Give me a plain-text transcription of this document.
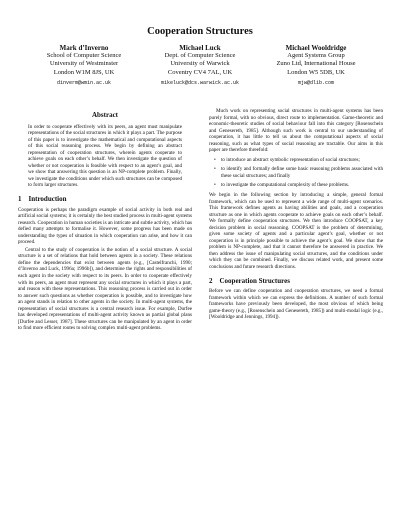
Cooperation Structures
Mark d’Inverno
School of Computer Science
University of Westminster
London W1M 8JS, UK
dinverm@wmin.ac.uk
Michael Luck
Dept. of Computer Science
University of Warwick
Coventry CV4 7AL, UK
mikeluck@dcs.warwick.ac.uk
Michael Wooldridge
Agent Systems Group
Zuno Ltd, International House
London W5 5DB, UK
mjw@dlib.com
Abstract

In order to cooperate effectively with its peers, an agent must manipulate representations of the social structures in which it plays a part. The purpose of this paper is to investigate the mathematical and computational aspects of this social reasoning process. We begin by defining an abstract representation of cooperation structures, wherein agents cooperate to achieve goals on each other’s behalf. We then investigate the question of whether or not cooperation is feasible with respect to an agent’s goal, and we show that answering this question is an NP-complete problem. Finally, we investigate the conditions under which such structures can be composed to form larger structures.

1 Introduction

Cooperation is perhaps the paradigm example of social activity in both real and artificial social systems; it is certainly the best studied process in multi-agent systems research. Cooperation in human societies is an intricate and subtle activity, which has defied many attempts to formalise it. However, some progress has been made on understanding the types of situation in which cooperation can arise, and how it can proceed.

Central to the study of cooperation is the notion of a social structure. A social structure is a set of relations that hold between agents in a society. These relations define the dependencies that exist between agents (e.g., [Castelfranchi, 1990; d’Inverno and Luck, 1996a; 1996b]), and determine the rights and responsibilities of each agent in the society with respect to its peers. In order to cooperate effectively with its peers, an agent must represent any social structures in which it plays a part, and reason with these representations. This reasoning process is carried out in order to answer such questions as whether cooperation is possible, and to investigate how an agent stands in relation to other agents in the society. In multi-agent systems, the representation of social structures is a central research issue. For example, Durfee has developed representations of multi-agent activity known as partial global plans [Durfee and Lesser, 1987]. These structures can be manipulated by an agent in order to find more efficient routes to solving complex multi-agent problems.

Much work on representing social structures in multi-agent systems has been purely formal, with no obvious, direct route to implementation. Game-theoretic and economic-theoretic studies of social behaviour fall into this category [Rosenschein and Genesereth, 1985]. Although such work is central to our understanding of cooperation, it has little to tell us about the computational aspects of social reasoning, such as what types of social reasoning are tractable. Our aims in this paper are therefore threefold:

• to introduce an abstract symbolic representation of social structures;
• to identify and formally define some basic reasoning problems associated with these social structures; and finally
• to investigate the computational complexity of these problems.

We begin in the following section by introducing a simple, general formal framework, which can be used to represent a wide range of multi-agent scenarios. This framework defines agents as having abilities and goals, and a cooperation structure as one in which agents cooperate to achieve goals on each other’s behalf. We formally define cooperation structures. We then introduce COOPSAT, a key decision problem in social reasoning. COOPSAT is the problem of determining, given some society of agents and a particular agent’s goal, whether or not cooperation is in principle possible to achieve the agent’s goal. We show that the problem is NP-complete, and that it cannot therefore be answered in practice. We then address the issue of manipulating social structures, and the conditions under which they can be combined. Finally, we discuss related work, and present some conclusions and future research directions.

2 Cooperation Structures

Before we can define cooperation and cooperation structures, we need a formal framework within which we can express the definitions. A number of such formal frameworks have previously been developed, the most obvious of which being game-theory (e.g., [Rosenschein and Genesereth, 1985]) and multi-modal logic (e.g., [Wooldridge and Jennings, 1994]).
